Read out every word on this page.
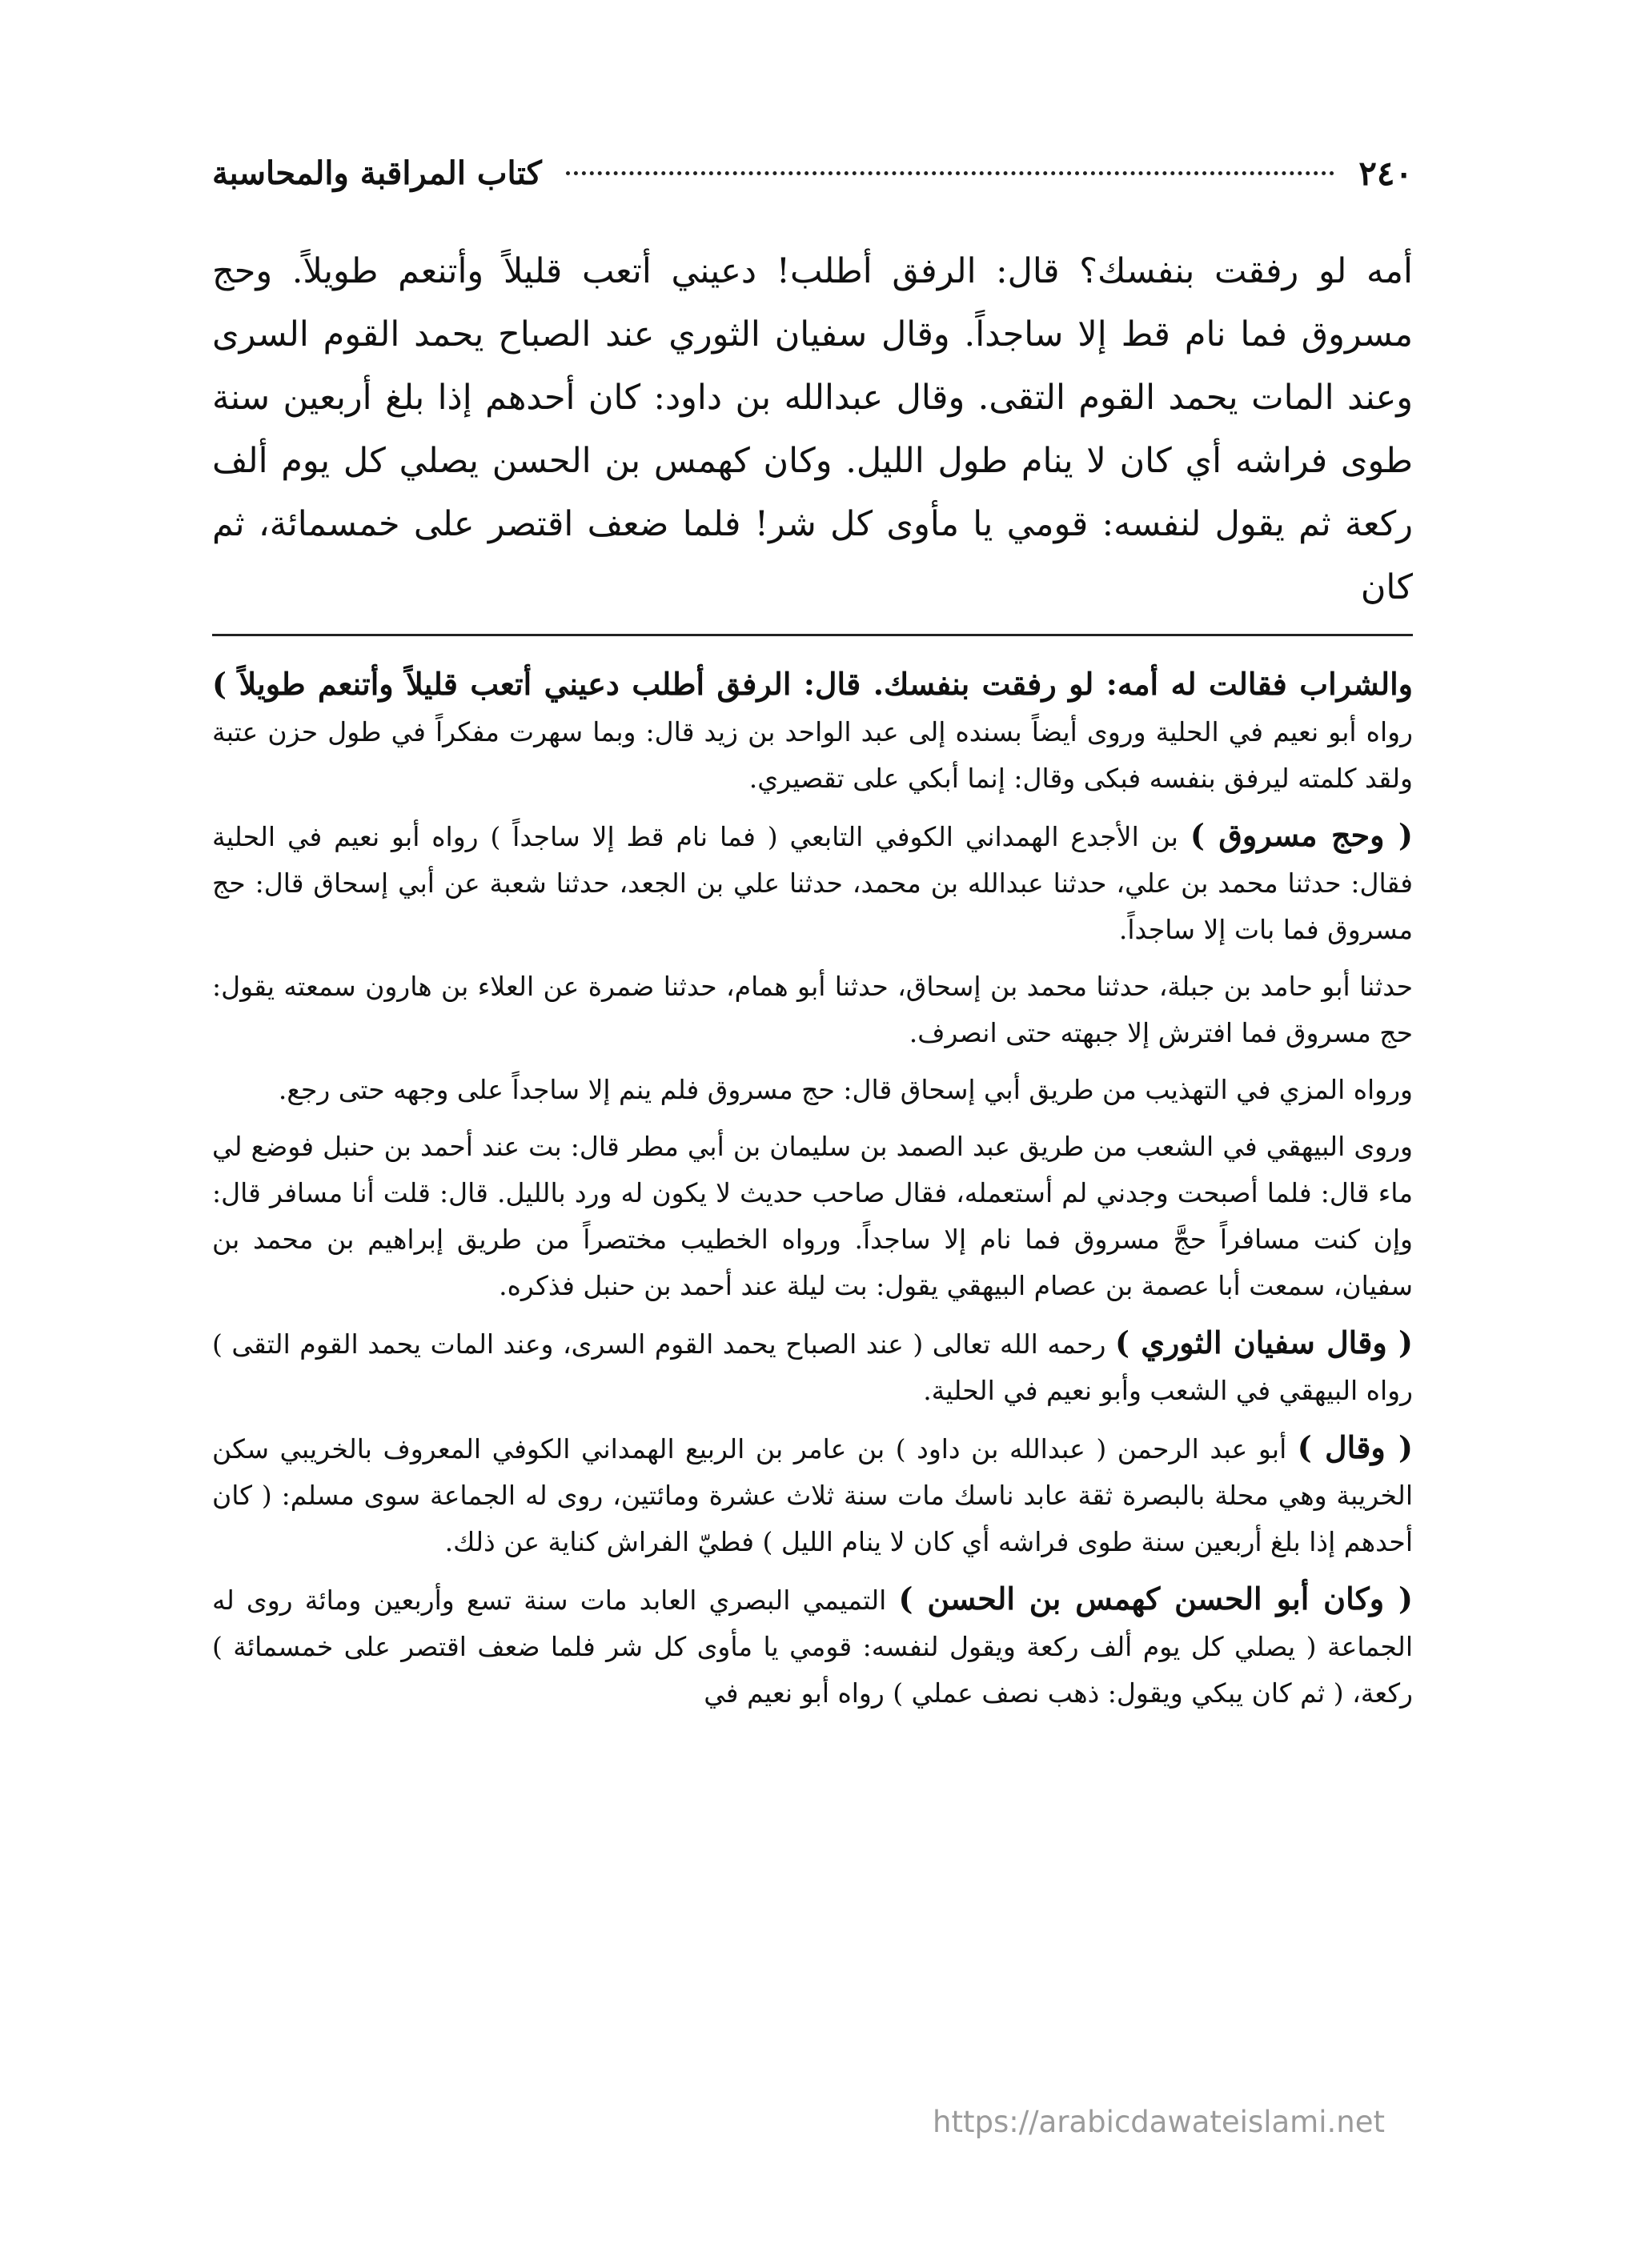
٢٤٠
كتاب المراقبة والمحاسبة

أمه لو رفقت بنفسك؟ قال: الرفق أطلب! دعيني أتعب قليلاً وأتنعم طويلاً. وحج مسروق فما نام قط إلا ساجداً. وقال سفيان الثوري عند الصباح يحمد القوم السرى وعند المات يحمد القوم التقى. وقال عبدالله بن داود: كان أحدهم إذا بلغ أربعين سنة طوى فراشه أي كان لا ينام طول الليل. وكان كهمس بن الحسن يصلي كل يوم ألف ركعة ثم يقول لنفسه: قومي يا مأوى كل شر! فلما ضعف اقتصر على خمسمائة، ثم كان

والشراب فقالت له أمه: لو رفقت بنفسك. قال: الرفق أطلب دعيني أتعب قليلاً وأتنعم طويلاً ) رواه أبو نعيم في الحلية وروى أيضاً بسنده إلى عبد الواحد بن زيد قال: وبما سهرت مفكراً في طول حزن عتبة ولقد كلمته ليرفق بنفسه فبكى وقال: إنما أبكي على تقصيري.

( وحج مسروق ) بن الأجدع الهمداني الكوفي التابعي ( فما نام قط إلا ساجداً ) رواه أبو نعيم في الحلية فقال: حدثنا محمد بن علي، حدثنا عبدالله بن محمد، حدثنا علي بن الجعد، حدثنا شعبة عن أبي إسحاق قال: حج مسروق فما بات إلا ساجداً.

حدثنا أبو حامد بن جبلة، حدثنا محمد بن إسحاق، حدثنا أبو همام، حدثنا ضمرة عن العلاء بن هارون سمعته يقول: حج مسروق فما افترش إلا جبهته حتى انصرف.

ورواه المزي في التهذيب من طريق أبي إسحاق قال: حج مسروق فلم ينم إلا ساجداً على وجهه حتى رجع.

وروى البيهقي في الشعب من طريق عبد الصمد بن سليمان بن أبي مطر قال: بت عند أحمد بن حنبل فوضع لي ماء قال: فلما أصبحت وجدني لم أستعمله، فقال صاحب حديث لا يكون له ورد بالليل. قال: قلت أنا مسافر قال: وإن كنت مسافراً حجَّ مسروق فما نام إلا ساجداً. ورواه الخطيب مختصراً من طريق إبراهيم بن محمد بن سفيان، سمعت أبا عصمة بن عصام البيهقي يقول: بت ليلة عند أحمد بن حنبل فذكره.

( وقال سفيان الثوري ) رحمه الله تعالى ( عند الصباح يحمد القوم السرى، وعند المات يحمد القوم التقى ) رواه البيهقي في الشعب وأبو نعيم في الحلية.

( وقال ) أبو عبد الرحمن ( عبدالله بن داود ) بن عامر بن الربيع الهمداني الكوفي المعروف بالخريبي سكن الخريبة وهي محلة بالبصرة ثقة عابد ناسك مات سنة ثلاث عشرة ومائتين، روى له الجماعة سوى مسلم: ( كان أحدهم إذا بلغ أربعين سنة طوى فراشه أي كان لا ينام الليل ) فطيّ الفراش كناية عن ذلك.

( وكان أبو الحسن كهمس بن الحسن ) التميمي البصري العابد مات سنة تسع وأربعين ومائة روى له الجماعة ( يصلي كل يوم ألف ركعة ويقول لنفسه: قومي يا مأوى كل شر فلما ضعف اقتصر على خمسمائة ) ركعة، ( ثم كان يبكي ويقول: ذهب نصف عملي ) رواه أبو نعيم في

https://arabicdawateislami.net
